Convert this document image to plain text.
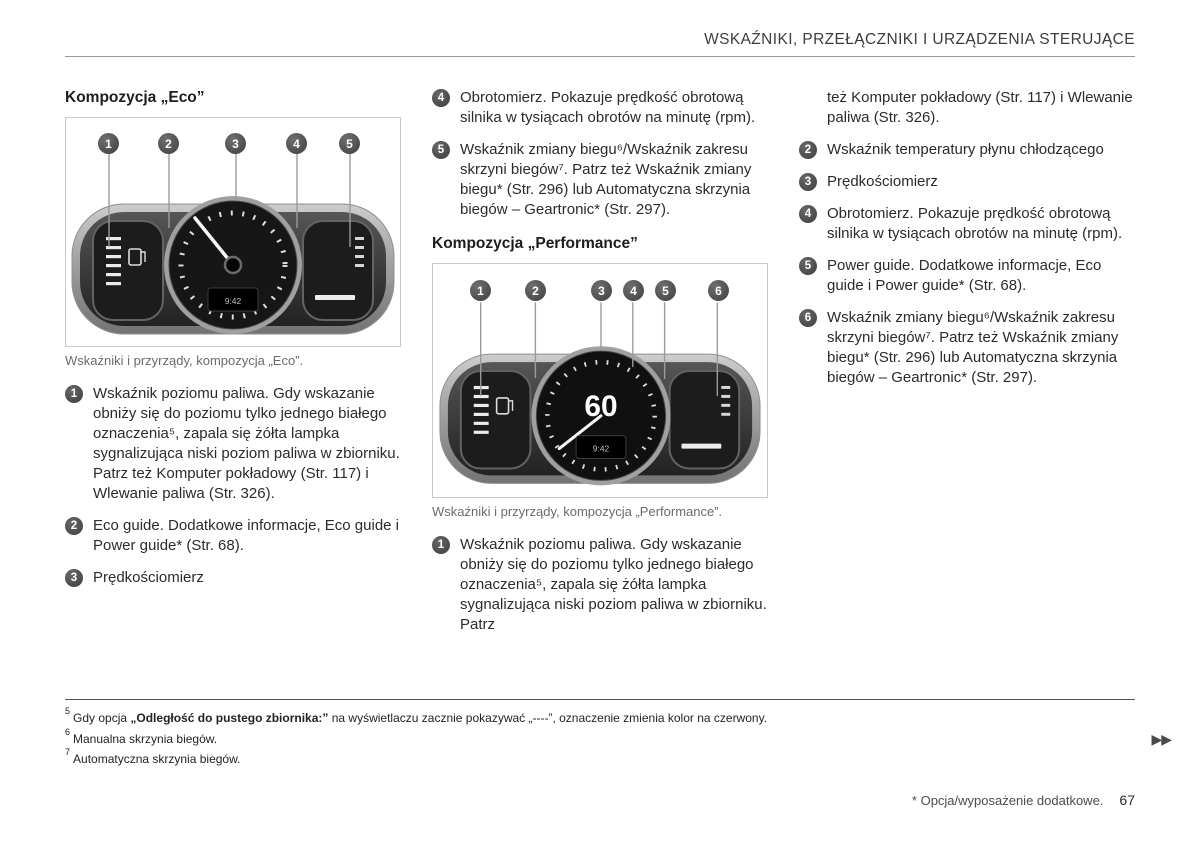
WSKAŹNIKI, PRZEŁĄCZNIKI I URZĄDZENIA STERUJĄCE
Kompozycja „Eco”
9:42
G046654
1	2	3	4	5
Wskaźniki i przyrządy, kompozycja „Eco”.
1	Wskaźnik poziomu paliwa. Gdy wskazanie obniży się do poziomu tylko jednego białego oznaczenia⁵, zapala się żółta lampka sygnalizująca niski poziom paliwa w zbiorniku. Patrz też Komputer pokładowy (Str. 117) i Wlewanie paliwa (Str. 326).
2	Eco guide. Dodatkowe informacje, Eco guide i Power guide* (Str. 68).
3	Prędkościomierz
4	Obrotomierz. Pokazuje prędkość obrotową silnika w tysiącach obrotów na minutę (rpm).
5	Wskaźnik zmiany biegu⁶/Wskaźnik zakresu skrzyni biegów⁷. Patrz też Wskaźnik zmiany biegu* (Str. 296) lub Automatyczna skrzynia biegów – Geartronic* (Str. 297).
Kompozycja „Performance”
60
9:42
G046653
1	2	3	4	5	6
Wskaźniki i przyrządy, kompozycja „Performance”.
1	Wskaźnik poziomu paliwa. Gdy wskazanie obniży się do poziomu tylko jednego białego oznaczenia⁵, zapala się żółta lampka sygnalizująca niski poziom paliwa w zbiorniku. Patrz
też Komputer pokładowy (Str. 117) i Wlewanie paliwa (Str. 326).
2	Wskaźnik temperatury płynu chłodzącego
3	Prędkościomierz
4	Obrotomierz. Pokazuje prędkość obrotową silnika w tysiącach obrotów na minutę (rpm).
5	Power guide. Dodatkowe informacje, Eco guide i Power guide* (Str. 68).
6	Wskaźnik zmiany biegu⁶/Wskaźnik zakresu skrzyni biegów⁷. Patrz też Wskaźnik zmiany biegu* (Str. 296) lub Automatyczna skrzynia biegów – Geartronic* (Str. 297).
$^5$ Gdy opcja „Odległość do pustego zbiornika:” na wyświetlaczu zacznie pokazywać „----”, oznaczenie zmienia kolor na czerwony.
$^6$ Manualna skrzynia biegów.
$^7$ Automatyczna skrzynia biegów.
▶▶
* Opcja/wyposażenie dodatkowe. 67
